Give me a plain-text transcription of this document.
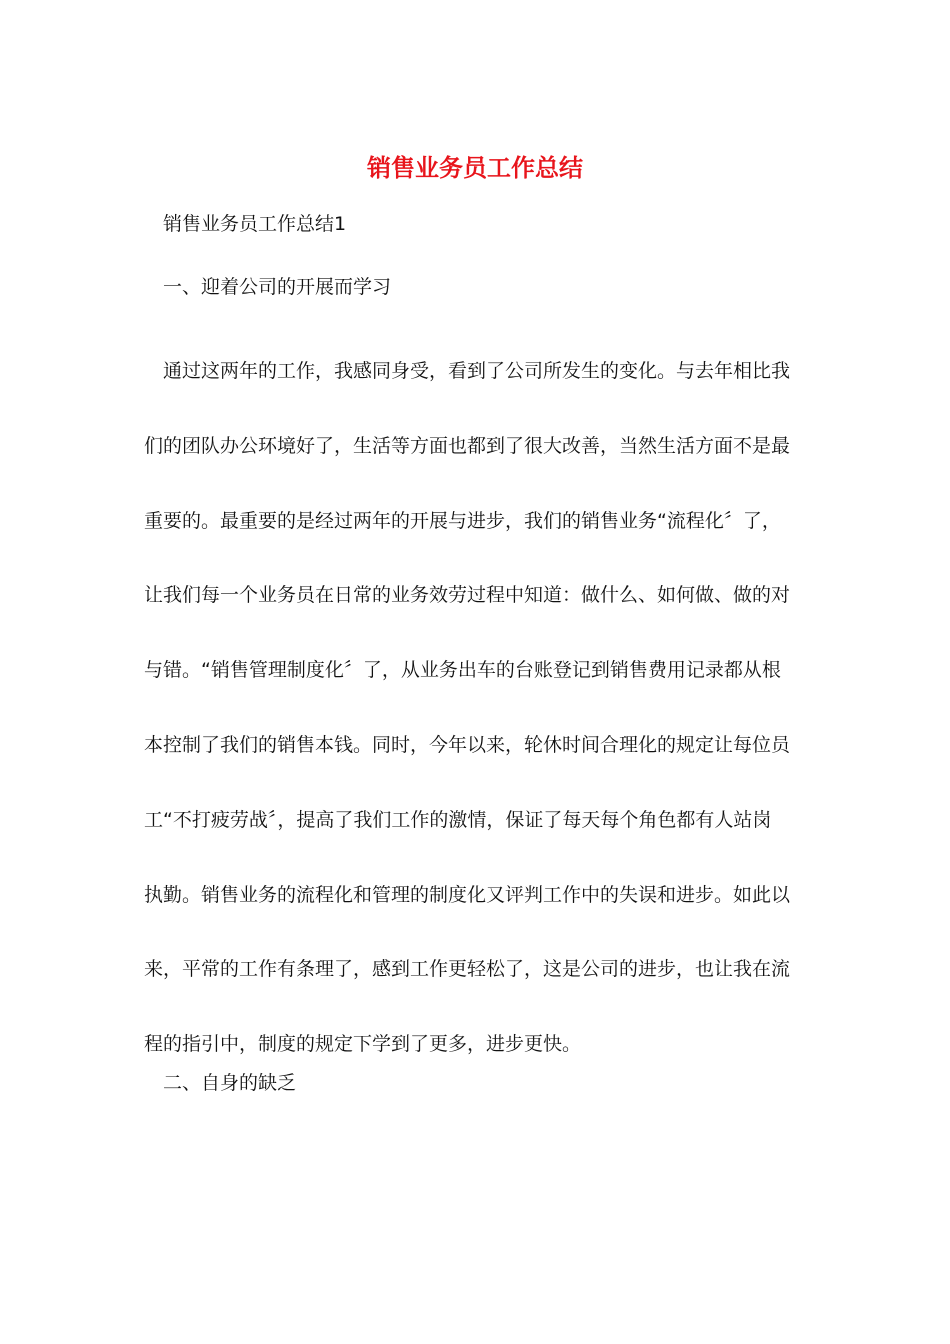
销售业务员工作总结

销售业务员工作总结1

一、迎着公司的开展而学习

通过这两年的工作，我感同身受，看到了公司所发生的变化。与去年相比我
们的团队办公环境好了，生活等方面也都到了很大改善，当然生活方面不是最
重要的。最重要的是经过两年的开展与进步，我们的销售业务“流程化〞了，
让我们每一个业务员在日常的业务效劳过程中知道：做什么、如何做、做的对
与错。“销售管理制度化〞了，从业务出车的台账登记到销售费用记录都从根
本控制了我们的销售本钱。同时，今年以来，轮休时间合理化的规定让每位员
工“不打疲劳战〞，提高了我们工作的激情，保证了每天每个角色都有人站岗
执勤。销售业务的流程化和管理的制度化又评判工作中的失误和进步。如此以
来，平常的工作有条理了，感到工作更轻松了，这是公司的进步，也让我在流
程的指引中，制度的规定下学到了更多，进步更快。

二、自身的缺乏
